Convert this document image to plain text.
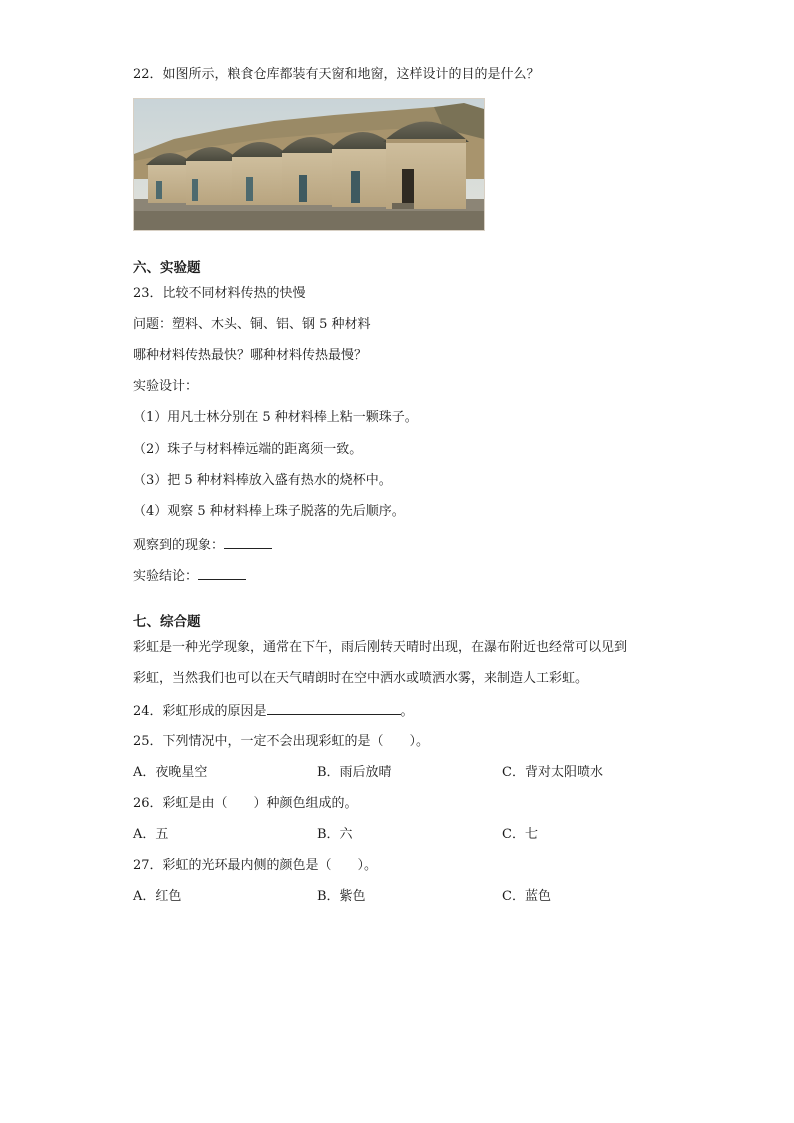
22．如图所示，粮食仓库都装有天窗和地窗，这样设计的目的是什么？
六、实验题
23．比较不同材料传热的快慢
问题：塑料、木头、铜、铝、钢 5 种材料
哪种材料传热最快？哪种材料传热最慢？
实验设计：
（1）用凡士林分别在 5 种材料棒上粘一颗珠子。
（2）珠子与材料棒远端的距离须一致。
（3）把 5 种材料棒放入盛有热水的烧杯中。
（4）观察 5 种材料棒上珠子脱落的先后顺序。
观察到的现象：
实验结论：
七、综合题
彩虹是一种光学现象，通常在下午，雨后刚转天晴时出现，在瀑布附近也经常可以见到
彩虹，当然我们也可以在天气晴朗时在空中洒水或喷洒水雾，来制造人工彩虹。
24．彩虹形成的原因是	。
25．下列情况中，一定不会出现彩虹的是（　　）。
A．夜晚星空	B．雨后放晴	C．背对太阳喷水
26．彩虹是由（　　）种颜色组成的。
A．五	B．六	C．七
27．彩虹的光环最内侧的颜色是（　　）。
A．红色	B．紫色	C．蓝色
